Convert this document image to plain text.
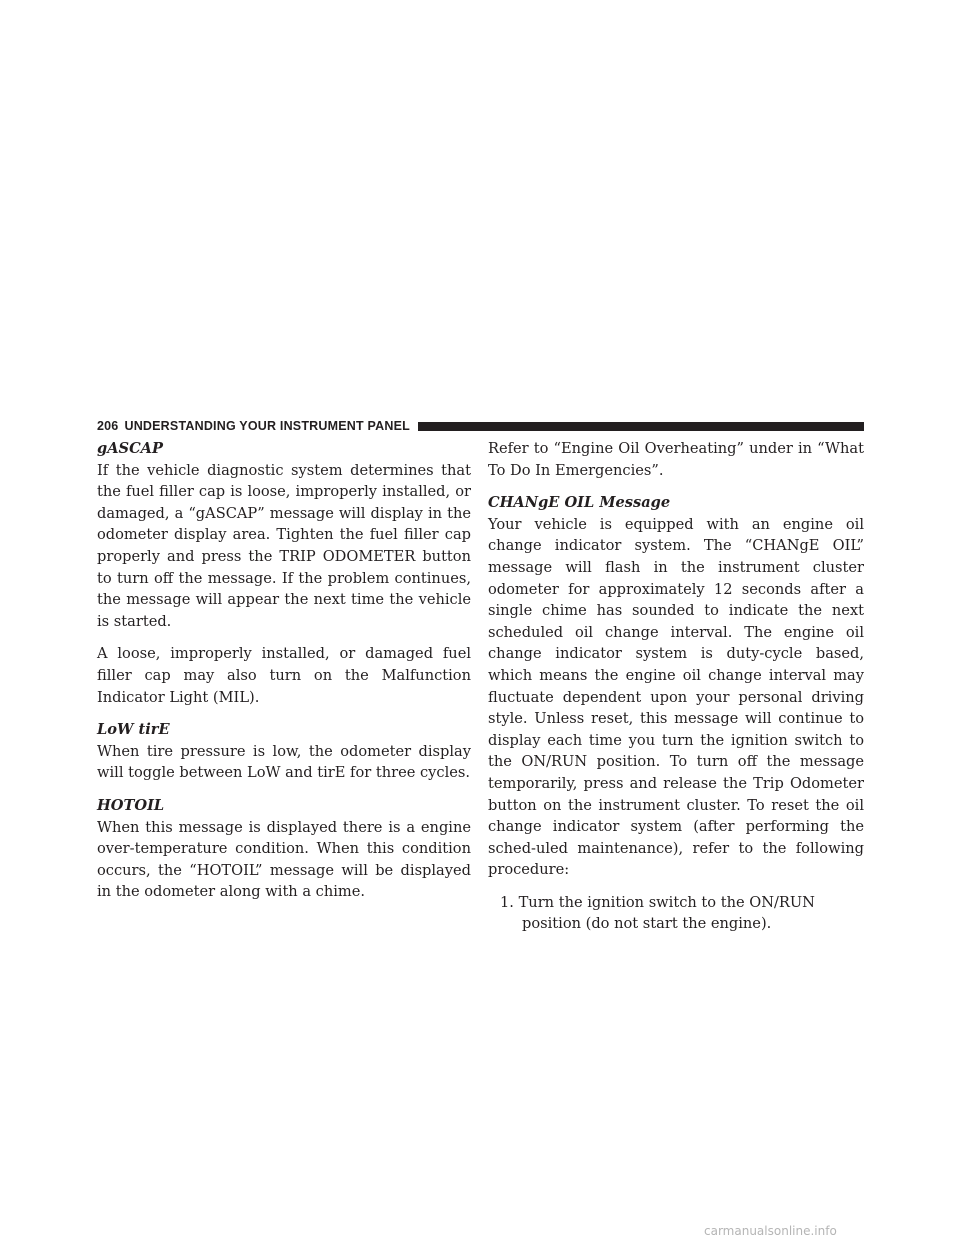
206 UNDERSTANDING YOUR INSTRUMENT PANEL

gASCAP

If the vehicle diagnostic system determines that the fuel filler cap is loose, improperly installed, or damaged, a “gASCAP” message will display in the odometer display area. Tighten the fuel filler cap properly and press the TRIP ODOMETER button to turn off the message. If the problem continues, the message will appear the next time the vehicle is started.

A loose, improperly installed, or damaged fuel filler cap may also turn on the Malfunction Indicator Light (MIL).

LoW tirE

When tire pressure is low, the odometer display will toggle between LoW and tirE for three cycles.

HOTOIL

When this message is displayed there is a engine over-temperature condition. When this condition occurs, the “HOTOIL” message will be displayed in the odometer along with a chime.

Refer to “Engine Oil Overheating” under in “What To Do In Emergencies”.

CHANgE OIL Message

Your vehicle is equipped with an engine oil change indicator system. The “CHANgE OIL” message will flash in the instrument cluster odometer for approximately 12 seconds after a single chime has sounded to indicate the next scheduled oil change interval. The engine oil change indicator system is duty-cycle based, which means the engine oil change interval may fluctuate dependent upon your personal driving style. Unless reset, this message will continue to display each time you turn the ignition switch to the ON/RUN position. To turn off the message temporarily, press and release the Trip Odometer button on the instrument cluster. To reset the oil change indicator system (after performing the sched-uled maintenance), refer to the following procedure:

1. Turn the ignition switch to the ON/RUN position (do not start the engine).

carmanualsonline.info
